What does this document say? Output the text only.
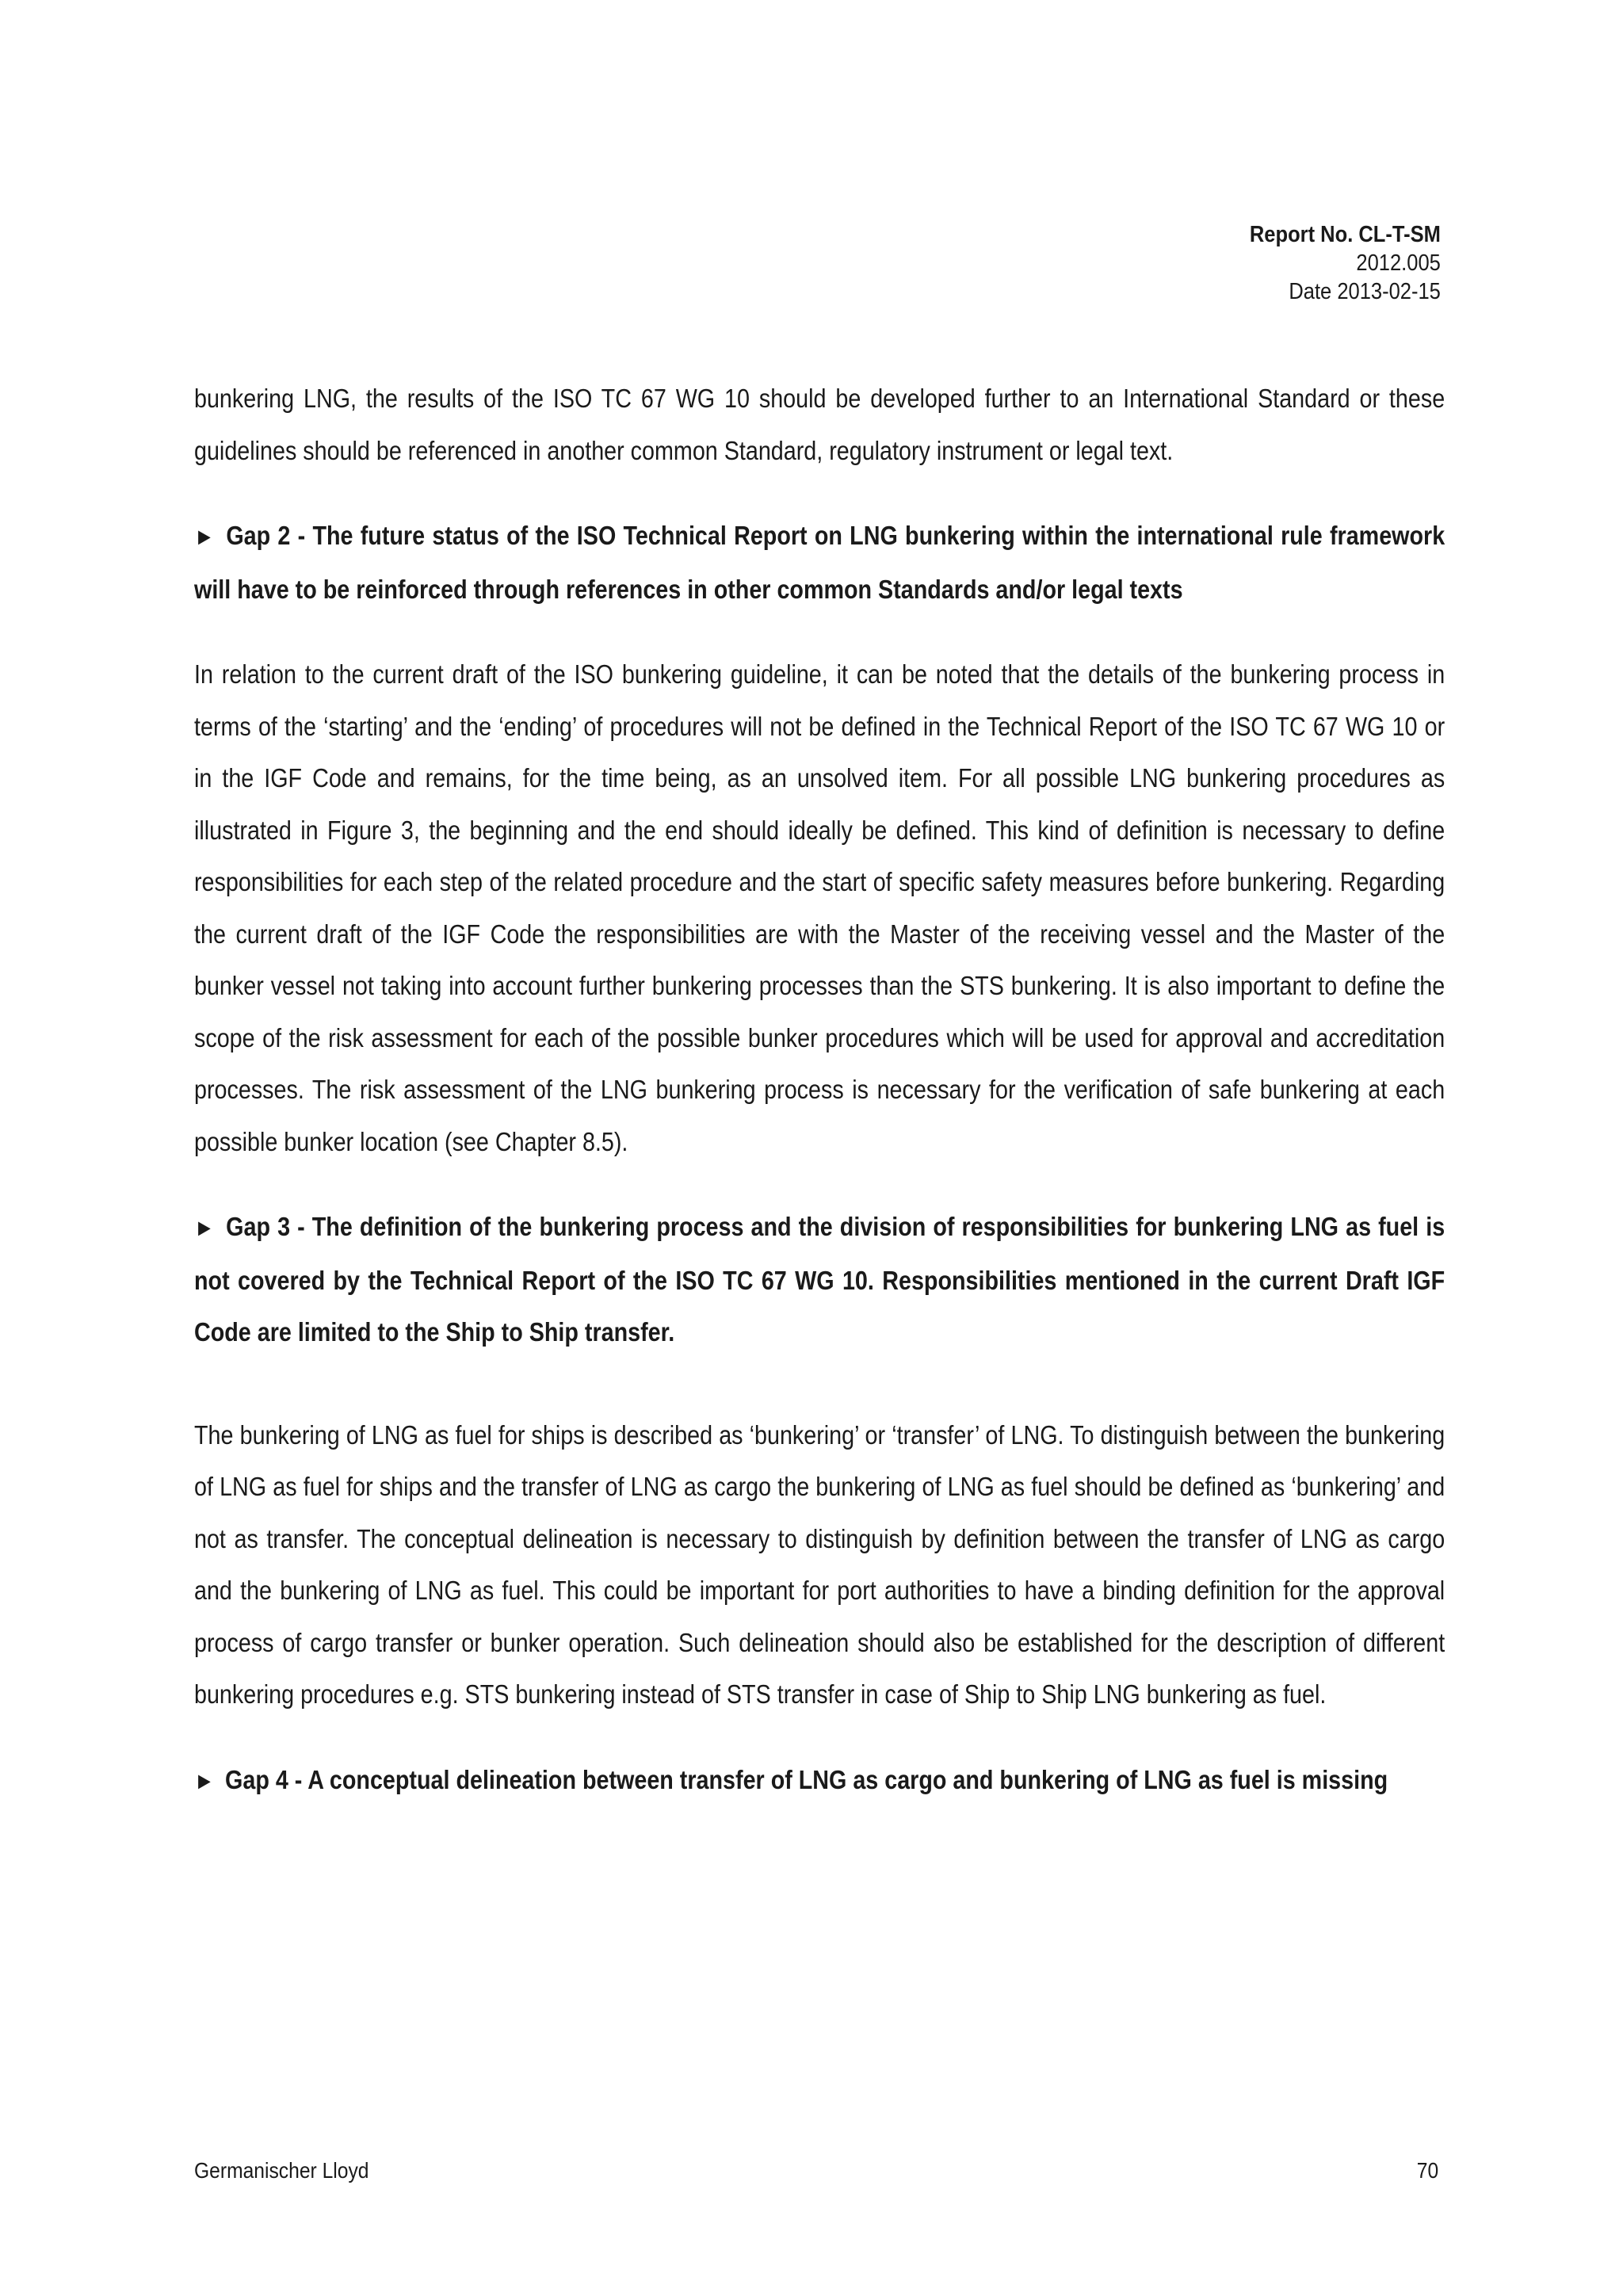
Report No. CL-T-SM
2012.005
Date 2013-02-15

bunkering LNG, the results of the ISO TC 67 WG 10 should be developed further to an International Standard or these guidelines should be referenced in another common Standard, regulatory instrument or legal text.

► Gap 2 - The future status of the ISO Technical Report on LNG bunkering within the international rule framework will have to be reinforced through references in other common Standards and/or legal texts

In relation to the current draft of the ISO bunkering guideline, it can be noted that the details of the bunkering process in terms of the ‘starting’ and the ‘ending’ of procedures will not be defined in the Technical Report of the ISO TC 67 WG 10 or in the IGF Code and remains, for the time being, as an unsolved item. For all possible LNG bunkering procedures as illustrated in Figure 3, the beginning and the end should ideally be defined. This kind of definition is necessary to define responsibilities for each step of the related procedure and the start of specific safety measures before bunkering. Regarding the current draft of the IGF Code the responsibilities are with the Master of the receiving vessel and the Master of the bunker vessel not taking into account further bunkering processes than the STS bunkering. It is also important to define the scope of the risk assessment for each of the possible bunker procedures which will be used for approval and accreditation processes. The risk assessment of the LNG bunkering process is necessary for the verification of safe bunkering at each possible bunker location (see Chapter 8.5).

► Gap 3 - The definition of the bunkering process and the division of responsibilities for bunkering LNG as fuel is not covered by the Technical Report of the ISO TC 67 WG 10. Responsibilities mentioned in the current Draft IGF Code are limited to the Ship to Ship transfer.

The bunkering of LNG as fuel for ships is described as ‘bunkering’ or ‘transfer’ of LNG. To distinguish between the bunkering of LNG as fuel for ships and the transfer of LNG as cargo the bunkering of LNG as fuel should be defined as ‘bunkering’ and not as transfer. The conceptual delineation is necessary to distinguish by definition between the transfer of LNG as cargo and the bunkering of LNG as fuel. This could be important for port authorities to have a binding definition for the approval process of cargo transfer or bunker operation. Such delineation should also be established for the description of different bunkering procedures e.g. STS bunkering instead of STS transfer in case of Ship to Ship LNG bunkering as fuel.

► Gap 4 - A conceptual delineation between transfer of LNG as cargo and bunkering of LNG as fuel is missing

Germanischer Lloyd	70
